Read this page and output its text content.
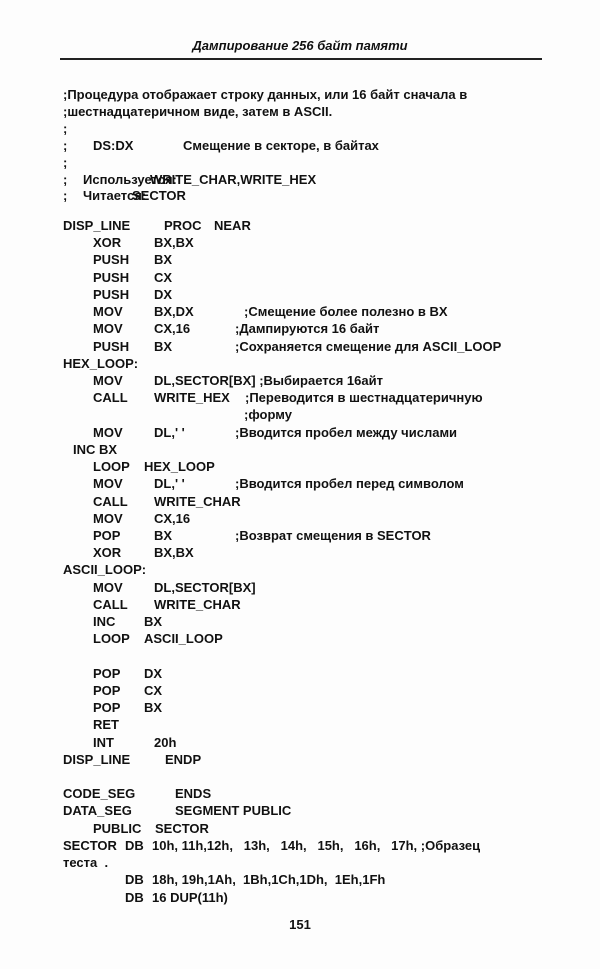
Дампирование 256 байт памяти
;Процедура отображает строку данных, или 16 байт сначала в
;шестнадцатеричном виде, затем в ASCII.
;
; DS:DX	Смещение в секторе, в байтах
;
; Используется:
WRITE_CHAR,WRITE_HEX
; Читается:
SECTOR
DISP_LINE	PROC NEAR
XOR	BX,BX
PUSH BX
PUSH CX
PUSH DX
MOV BX,DX	;Смещение более полезно в BX
MOV CX,16	;Дампируются 16 байт
PUSH BX	;Сохраняется смещение для ASCII_LOOP
HEX_LOOP:
MOV DL,SECTOR[BX] ;Выбирается 16айт
CALL WRITE_HEX ;Переводится в шестнадцатеричную
;форму
MOV DL,' '	;Вводится пробел между числами
INC BX
LOOP HEX_LOOP
MOV DL,' '	;Вводится пробел перед символом
CALL WRITE_CHAR
MOV CX,16
POP	BX	;Возврат смещения в SECTOR
XOR	BX,BX
ASCII_LOOP:
MOV DL,SECTOR[BX]
CALL WRITE_CHAR
INC BX
LOOP ASCII_LOOP
POP DX
POP CX
POP BX
RET
INT	20h
DISP_LINE	ENDP
CODE_SEG	ENDS
DATA_SEG	SEGMENT PUBLIC
PUBLIC SECTOR
SECTOR DB 10h, 11h,12h,   13h,   14h,   15h,   16h,   17h, ;Образец
теста  .
DB 18h, 19h,1Ah,  1Bh,1Ch,1Dh,  1Eh,1Fh
DB 16 DUP(11h)
151
